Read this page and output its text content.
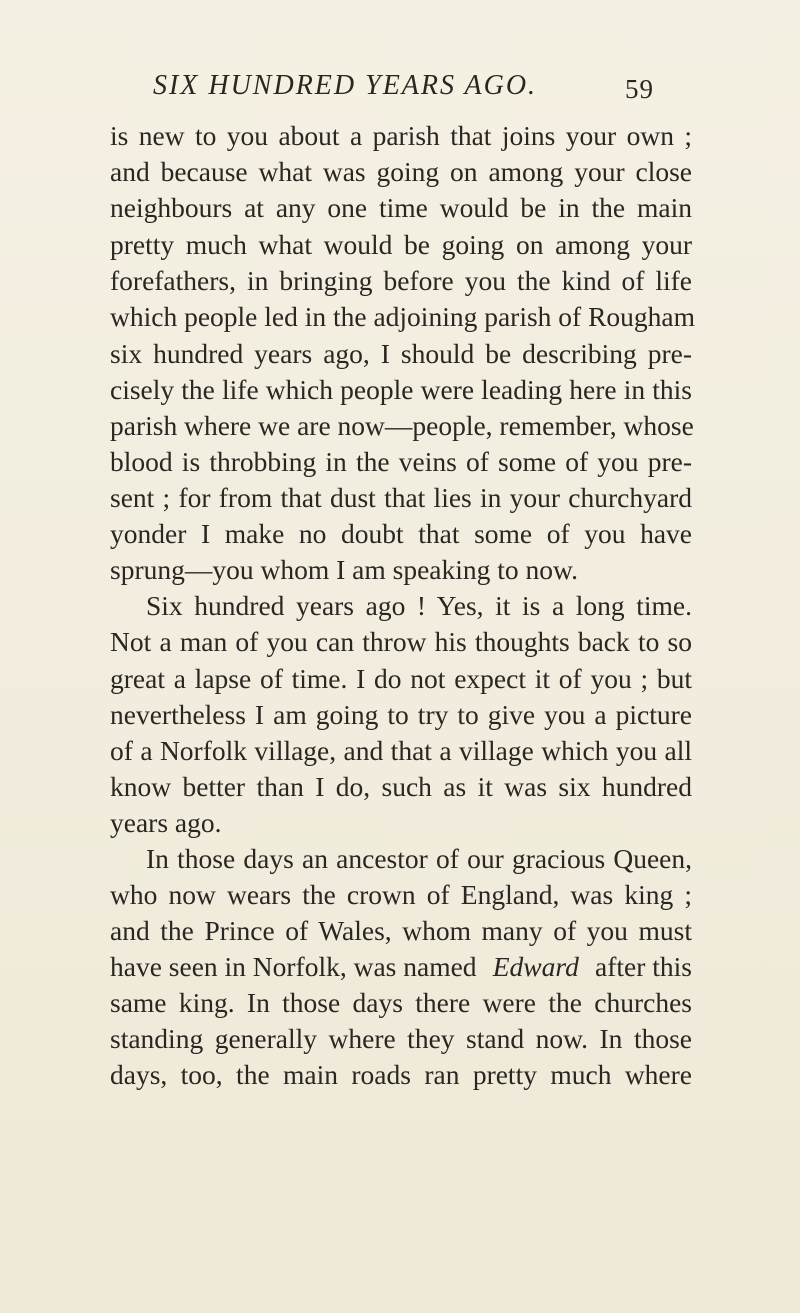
SIX HUNDRED YEARS AGO.	59
is new to you about a parish that joins your own ;
and because what was going on among your close
neighbours at any one time would be in the main
pretty much what would be going on among your
forefathers, in bringing before you the kind of life
which people led in the adjoining parish of Rougham
six hundred years ago, I should be describing pre-
cisely the life which people were leading here in this
parish where we are now—people, remember, whose
blood is throbbing in the veins of some of you pre-
sent ; for from that dust that lies in your churchyard
yonder I make no doubt that some of you have
sprung—you whom I am speaking to now.
Six hundred years ago ! Yes, it is a long time.
Not a man of you can throw his thoughts back to so
great a lapse of time. I do not expect it of you ; but
nevertheless I am going to try to give you a picture
of a Norfolk village, and that a village which you all
know better than I do, such as it was six hundred
years ago.
In those days an ancestor of our gracious Queen,
who now wears the crown of England, was king ;
and the Prince of Wales, whom many of you must
have seen in Norfolk, was named Edward after this
same king. In those days there were the churches
standing generally where they stand now. In those
days, too, the main roads ran pretty much where
